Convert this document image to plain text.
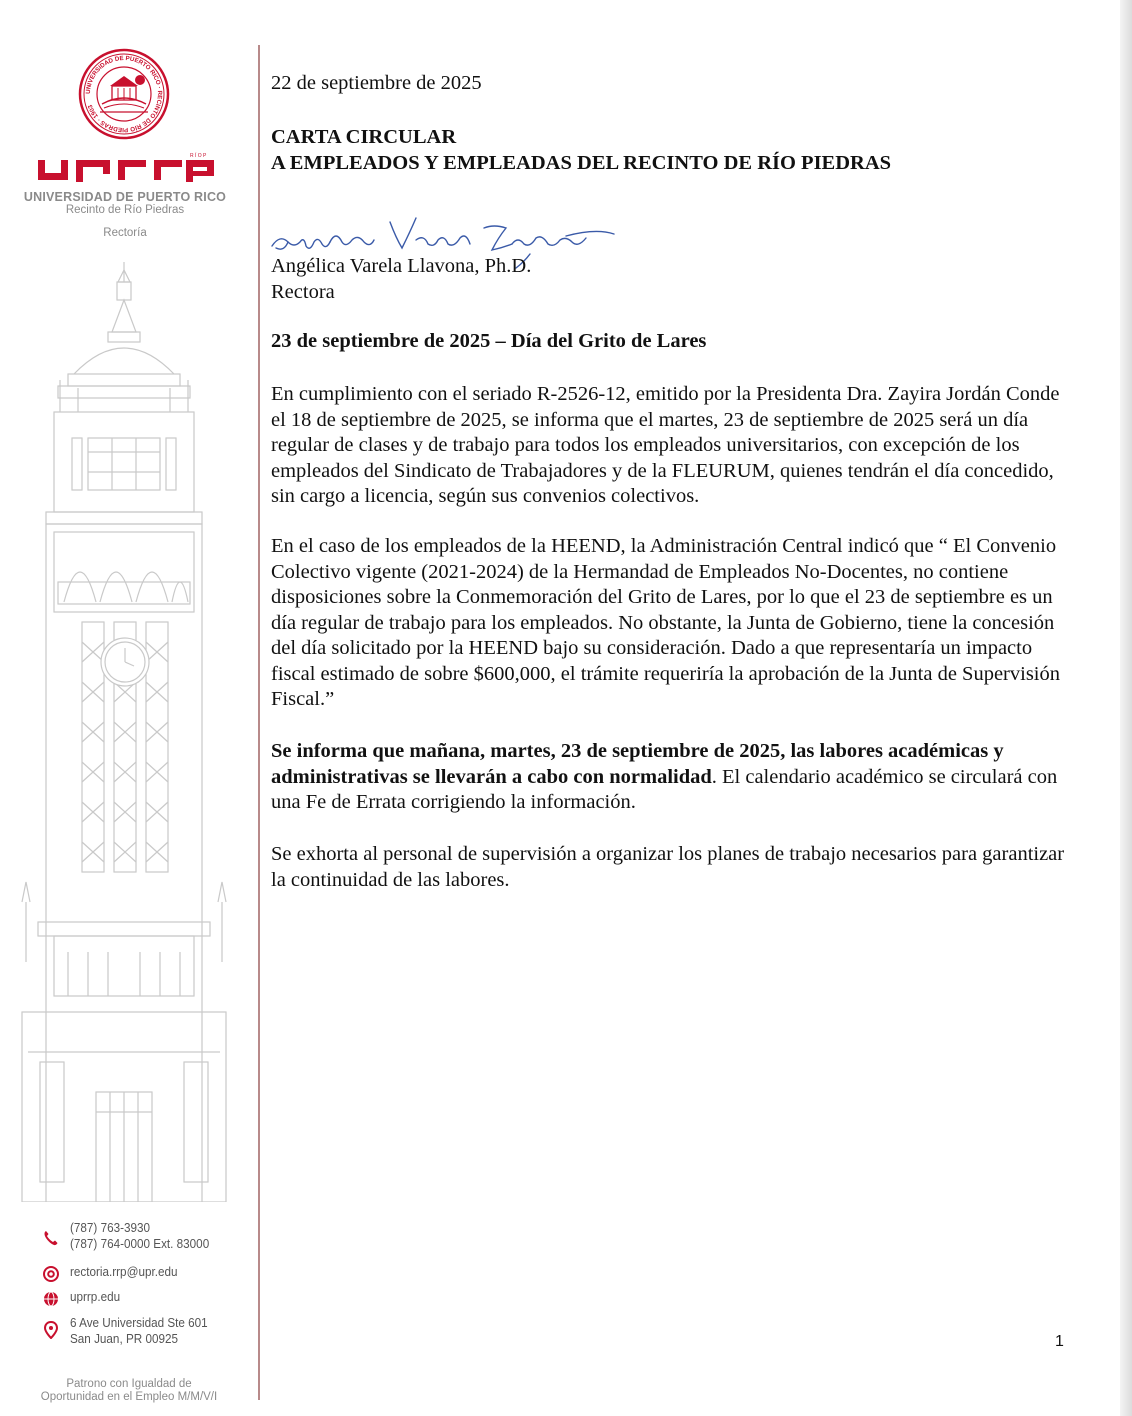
UNIVERSIDAD DE PUERTO RICO · RECINTO DE RÍO PIEDRAS · 1903
R Í O P
UNIVERSIDAD DE PUERTO RICO
Recinto de Río Piedras
Rectoría
(787) 763-3930
(787) 764-0000 Ext. 83000
rectoria.rrp@upr.edu
uprrp.edu
6 Ave Universidad Ste 601
San Juan, PR 00925
Patrono con Igualdad de
Oportunidad en el Empleo M/M/V/I
22 de septiembre de 2025
CARTA CIRCULAR
A EMPLEADOS Y EMPLEADAS DEL RECINTO DE RÍO PIEDRAS
Angélica Varela Llavona
Angélica Varela Llavona, Ph.D.
Rectora
23 de septiembre de 2025 – Día del Grito de Lares

En cumplimiento con el seriado R-2526-12, emitido por la Presidenta Dra. Zayira Jordán Conde el 18 de septiembre de 2025, se informa que el martes, 23 de septiembre de 2025 será un día regular de clases y de trabajo para todos los empleados universitarios, con excepción de los empleados del Sindicato de Trabajadores y de la FLEURUM, quienes tendrán el día concedido, sin cargo a licencia, según sus convenios colectivos.

En el caso de los empleados de la HEEND, la Administración Central indicó que “ El Convenio Colectivo vigente (2021-2024) de la Hermandad de Empleados No-Docentes, no contiene disposiciones sobre la Conmemoración del Grito de Lares, por lo que el 23 de septiembre es un día regular de trabajo para los empleados. No obstante, la Junta de Gobierno, tiene la concesión del día solicitado por la HEEND bajo su consideración. Dado a que representaría un impacto fiscal estimado de sobre $600,000, el trámite requeriría la aprobación de la Junta de Supervisión Fiscal.”

Se informa que mañana, martes, 23 de septiembre de 2025, las labores académicas y administrativas se llevarán a cabo con normalidad. El calendario académico se circulará con una Fe de Errata corrigiendo la información.

Se exhorta al personal de supervisión a organizar los planes de trabajo necesarios para garantizar la continuidad de las labores.

1
